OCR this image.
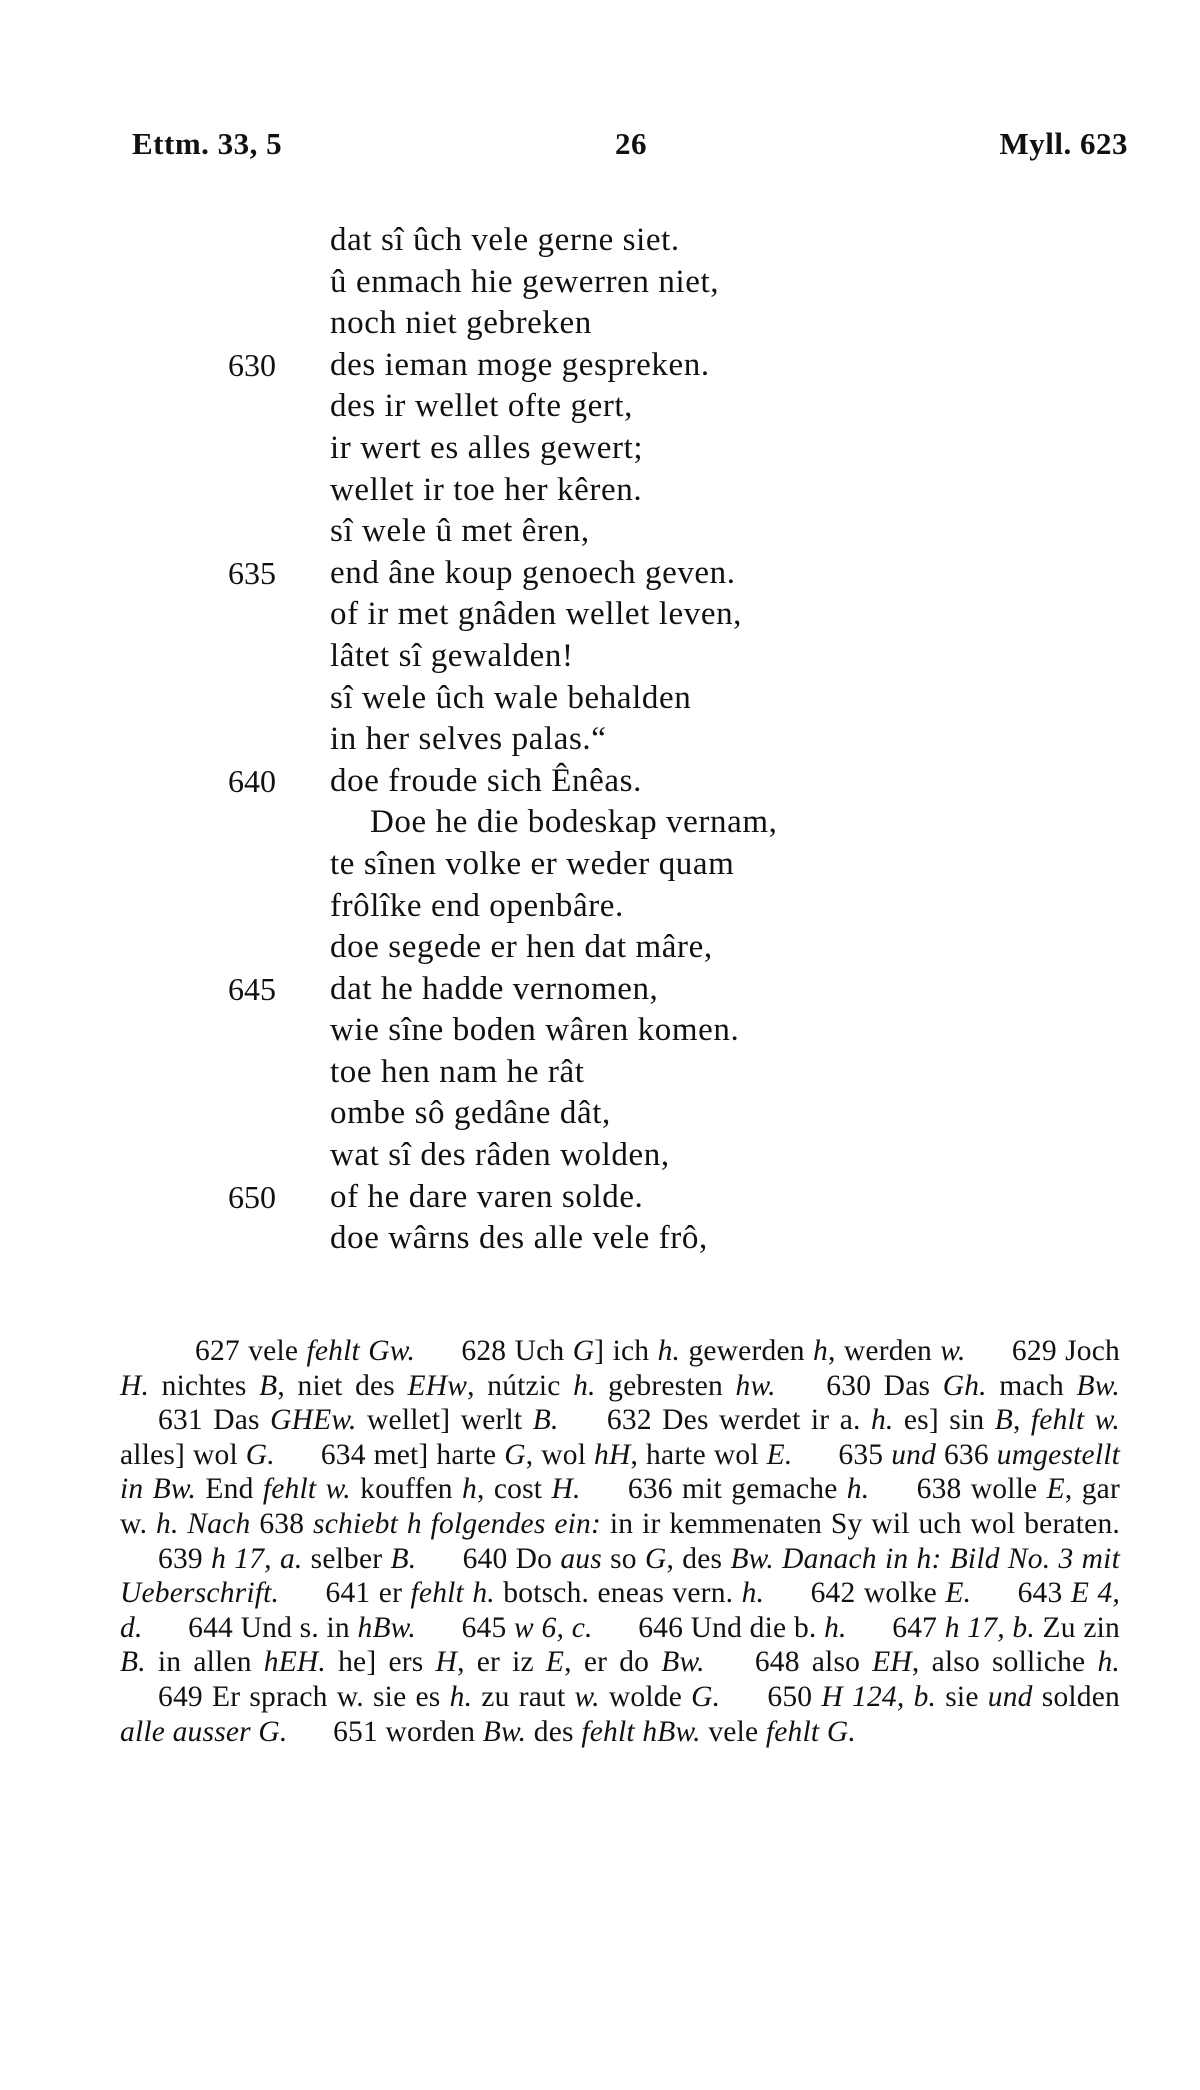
Ettm. 33, 5	26	Myll. 623
dat sî ûch vele gerne siet.
û enmach hie gewerren niet,
noch niet gebreken
630	des ieman moge gespreken.
des ir wellet ofte gert,
ir wert es alles gewert;
wellet ir toe her kêren.
sî wele û met êren,
635	end âne koup genoech geven.
of ir met gnâden wellet leven,
lâtet sî gewalden!
sî wele ûch wale behalden
in her selves palas.“
640	doe froude sich Ênêas.
Doe he die bodeskap vernam,
te sînen volke er weder quam
frôlîke end openbâre.
doe segede er hen dat mâre,
645	dat he hadde vernomen,
wie sîne boden wâren komen.
toe hen nam he rât
ombe sô gedâne dât,
wat sî des râden wolden,
650	of he dare varen solde.
doe wârns des alle vele frô,
627 vele fehlt Gw. 628 Uch G] ich h. gewerden h, werden w. 629 Joch H. nichtes B, niet des EHw, nútzic h. gebresten hw. 630 Das Gh. mach Bw. 631 Das GHEw. wellet] werlt B. 632 Des werdet ir a. h. es] sin B, fehlt w. alles] wol G. 634 met] harte G, wol hH, harte wol E. 635 und 636 umgestellt in Bw. End fehlt w. kouffen h, cost H. 636 mit gemache h. 638 wolle E, gar w. h. Nach 638 schiebt h folgendes ein: in ir kemmenaten Sy wil uch wol beraten. 639 h 17, a. selber B. 640 Do aus so G, des Bw. Danach in h: Bild No. 3 mit Ueberschrift. 641 er fehlt h. botsch. eneas vern. h. 642 wolke E. 643 E 4, d. 644 Und s. in hBw. 645 w 6, c. 646 Und die b. h. 647 h 17, b. Zu zin B. in allen hEH. he] ers H, er iz E, er do Bw. 648 also EH, also solliche h. 649 Er sprach w. sie es h. zu raut w. wolde G. 650 H 124, b. sie und solden alle ausser G. 651 worden Bw. des fehlt hBw. vele fehlt G.
